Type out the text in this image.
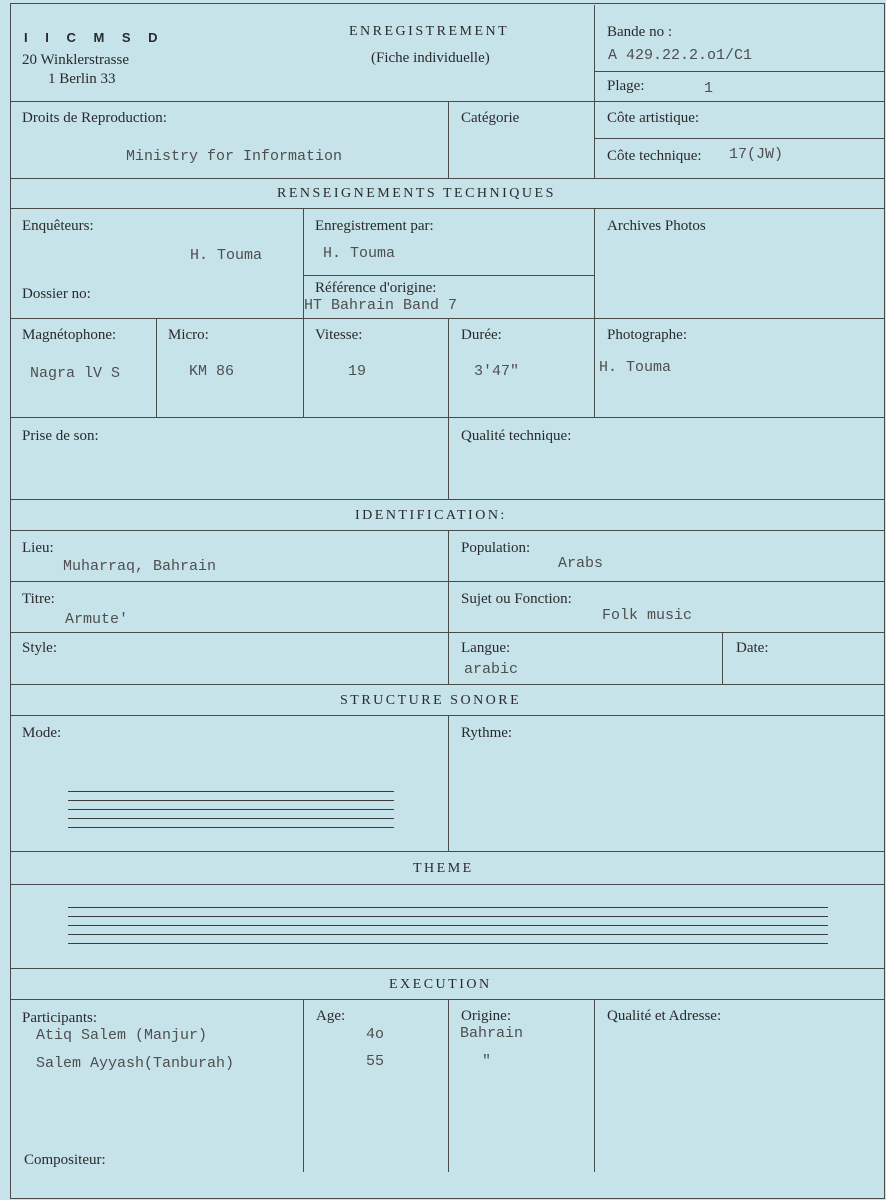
I I C M S D
20 Winklerstrasse
1 Berlin 33
ENREGISTREMENT
(Fiche individuelle)
Bande no :
A 429.22.2.o1/C1
Plage:	1
Droits de Reproduction:
Ministry for Information
Catégorie	Côte artistique:
Côte technique: 17(JW)
RENSEIGNEMENTS TECHNIQUES
Enquêteurs:
H. Touma
Enregistrement par:
H. Touma
Archives Photos
Dossier no:	Référence d'origine:
HT Bahrain Band 7
Magnétophone:
Nagra lV S
Micro:
KM 86
Vitesse:
19
Durée:
3'47"
Photographe:
H. Touma
Prise de son:	Qualité technique:
IDENTIFICATION:
Lieu:
Muharraq, Bahrain
Population:
Arabs
Titre:
Armute'
Sujet ou Fonction:
Folk music
Style:	Langue:
arabic
Date:
STRUCTURE SONORE
Mode:	Rythme:
THEME
EXECUTION
Participants:	Age:	Origine:	Qualité et Adresse:
Atiq Salem (Manjur)	4o	Bahrain
Salem Ayyash(Tanburah)	55	"
Compositeur:
